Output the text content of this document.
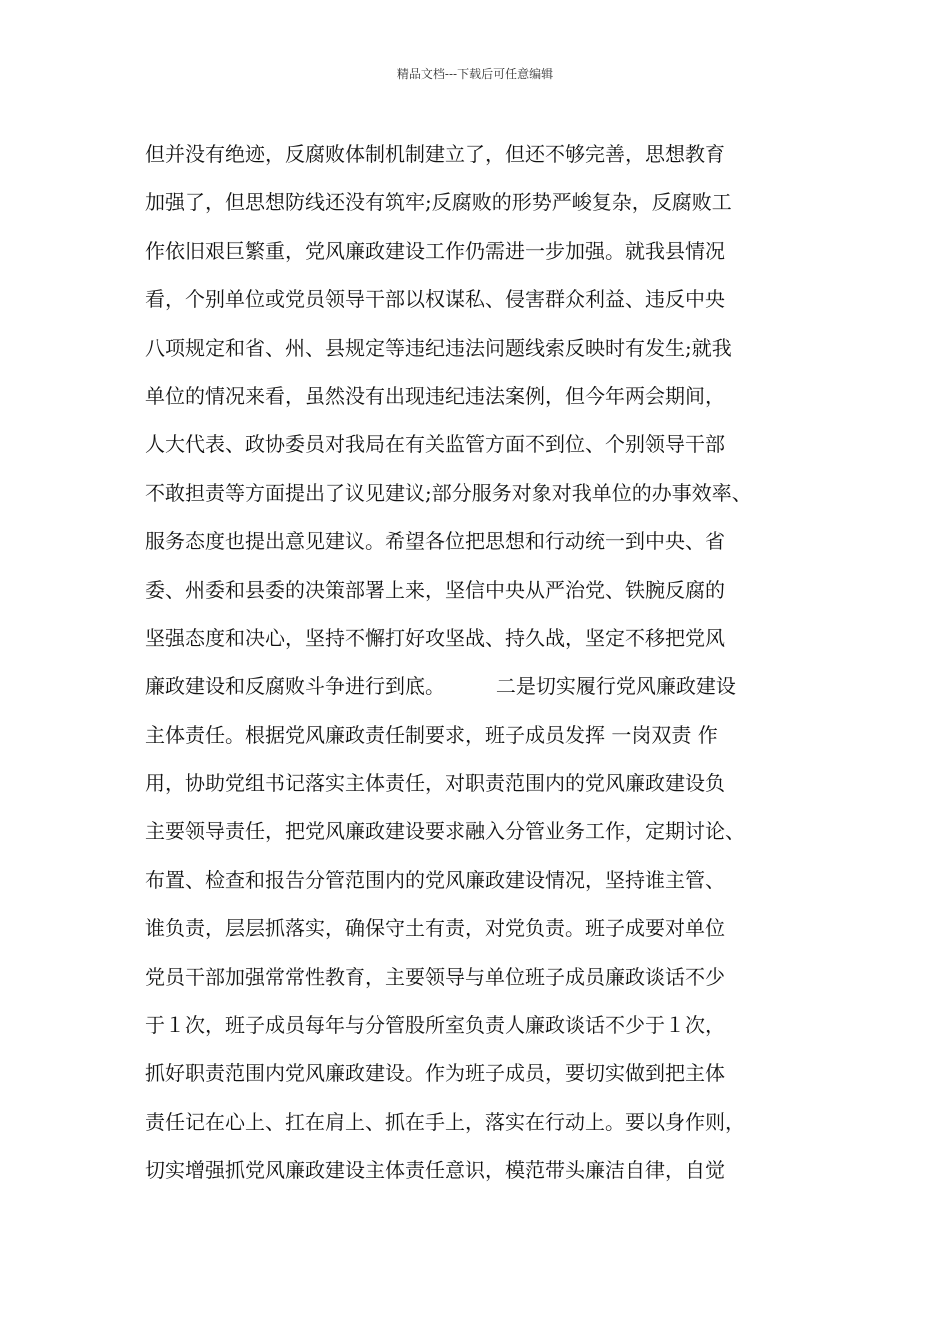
精品文档---下载后可任意编辑
但并没有绝迹，反腐败体制机制建立了，但还不够完善，思想教育
加强了，但思想防线还没有筑牢;反腐败的形势严峻复杂，反腐败工
作依旧艰巨繁重，党风廉政建设工作仍需进一步加强。就我县情况
看，个别单位或党员领导干部以权谋私、侵害群众利益、违反中央
八项规定和省、州、县规定等违纪违法问题线索反映时有发生;就我
单位的情况来看，虽然没有出现违纪违法案例，但今年两会期间，
人大代表、政协委员对我局在有关监管方面不到位、个别领导干部
不敢担责等方面提出了议见建议;部分服务对象对我单位的办事效率、
服务态度也提出意见建议。希望各位把思想和行动统一到中央、省
委、州委和县委的决策部署上来，坚信中央从严治党、铁腕反腐的
坚强态度和决心，坚持不懈打好攻坚战、持久战，坚定不移把党风
廉政建设和反腐败斗争进行到底。        二是切实履行党风廉政建设
主体责任。根据党风廉政责任制要求，班子成员发挥 一岗双责 作
用，协助党组书记落实主体责任，对职责范围内的党风廉政建设负
主要领导责任，把党风廉政建设要求融入分管业务工作，定期讨论、
布置、检查和报告分管范围内的党风廉政建设情况，坚持谁主管、
谁负责，层层抓落实，确保守土有责，对党负责。班子成要对单位
党员干部加强常常性教育，主要领导与单位班子成员廉政谈话不少
于１次，班子成员每年与分管股所室负责人廉政谈话不少于１次，
抓好职责范围内党风廉政建设。作为班子成员，要切实做到把主体
责任记在心上、扛在肩上、抓在手上，落实在行动上。要以身作则，
切实增强抓党风廉政建设主体责任意识，模范带头廉洁自律，自觉
